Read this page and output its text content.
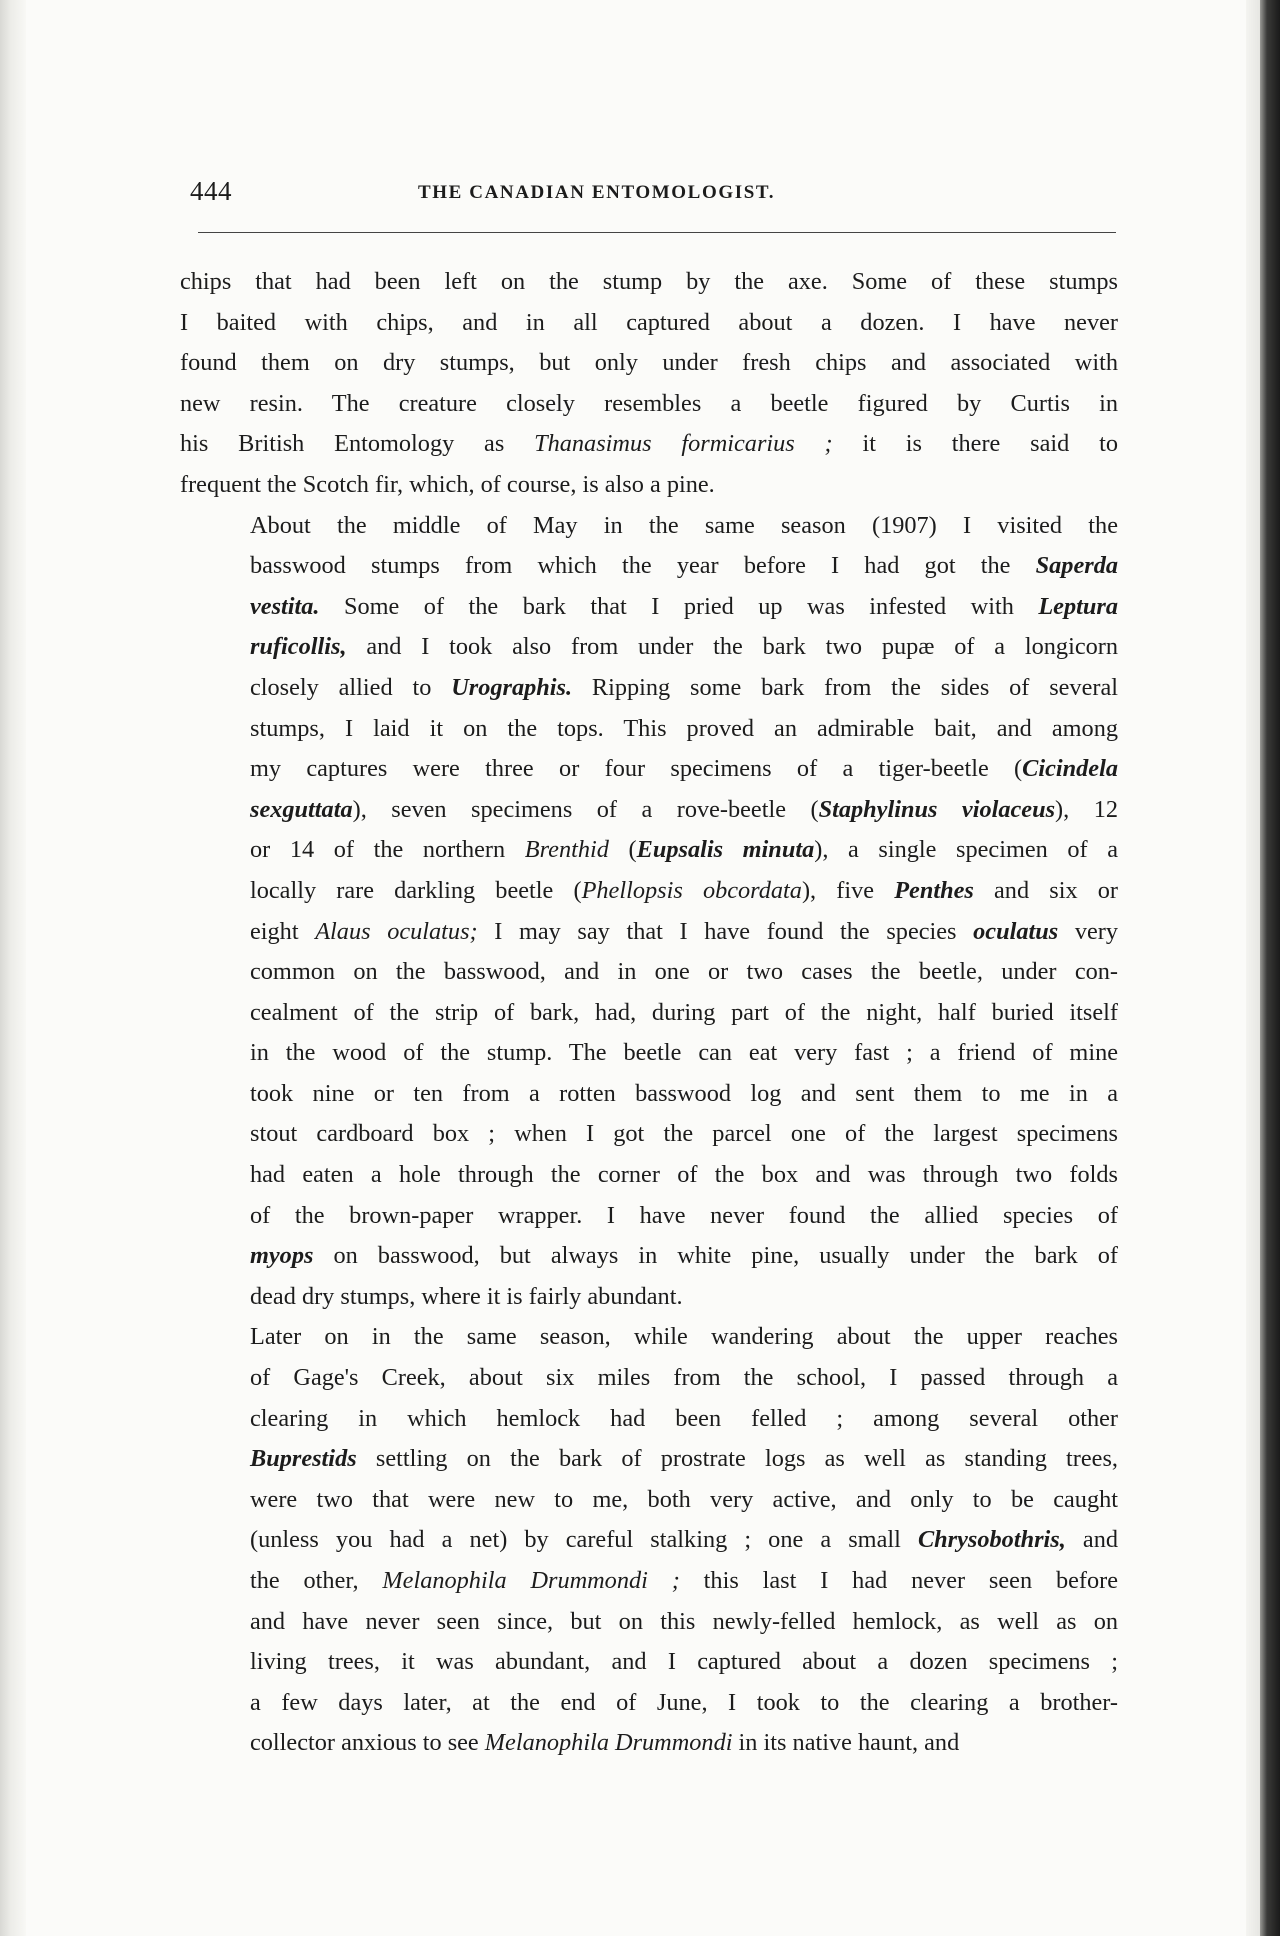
444	THE CANADIAN ENTOMOLOGIST.
chips that had been left on the stump by the axe. Some of these stumps
I baited with chips, and in all captured about a dozen. I have never
found them on dry stumps, but only under fresh chips and associated with
new resin. The creature closely resembles a beetle figured by Curtis in
his British Entomology as Thanasimus formicarius ; it is there said to
frequent the Scotch fir, which, of course, is also a pine.
About the middle of May in the same season (1907) I visited the
basswood stumps from which the year before I had got the Saperda
vestita. Some of the bark that I pried up was infested with Leptura
ruficollis, and I took also from under the bark two pupæ of a longicorn
closely allied to Urographis. Ripping some bark from the sides of several
stumps, I laid it on the tops. This proved an admirable bait, and among
my captures were three or four specimens of a tiger-beetle (Cicindela
sexguttata), seven specimens of a rove-beetle (Staphylinus violaceus), 12
or 14 of the northern Brenthid (Eupsalis minuta), a single specimen of a
locally rare darkling beetle (Phellopsis obcordata), five Penthes and six or
eight Alaus oculatus; I may say that I have found the species oculatus very
common on the basswood, and in one or two cases the beetle, under con-
cealment of the strip of bark, had, during part of the night, half buried itself
in the wood of the stump. The beetle can eat very fast ; a friend of mine
took nine or ten from a rotten basswood log and sent them to me in a
stout cardboard box ; when I got the parcel one of the largest specimens
had eaten a hole through the corner of the box and was through two folds
of the brown-paper wrapper. I have never found the allied species of
myops on basswood, but always in white pine, usually under the bark of
dead dry stumps, where it is fairly abundant.
Later on in the same season, while wandering about the upper reaches
of Gage's Creek, about six miles from the school, I passed through a
clearing in which hemlock had been felled ; among several other
Buprestids settling on the bark of prostrate logs as well as standing trees,
were two that were new to me, both very active, and only to be caught
(unless you had a net) by careful stalking ; one a small Chrysobothris, and
the other, Melanophila Drummondi ; this last I had never seen before
and have never seen since, but on this newly-felled hemlock, as well as on
living trees, it was abundant, and I captured about a dozen specimens ;
a few days later, at the end of June, I took to the clearing a brother-
collector anxious to see Melanophila Drummondi in its native haunt, and
